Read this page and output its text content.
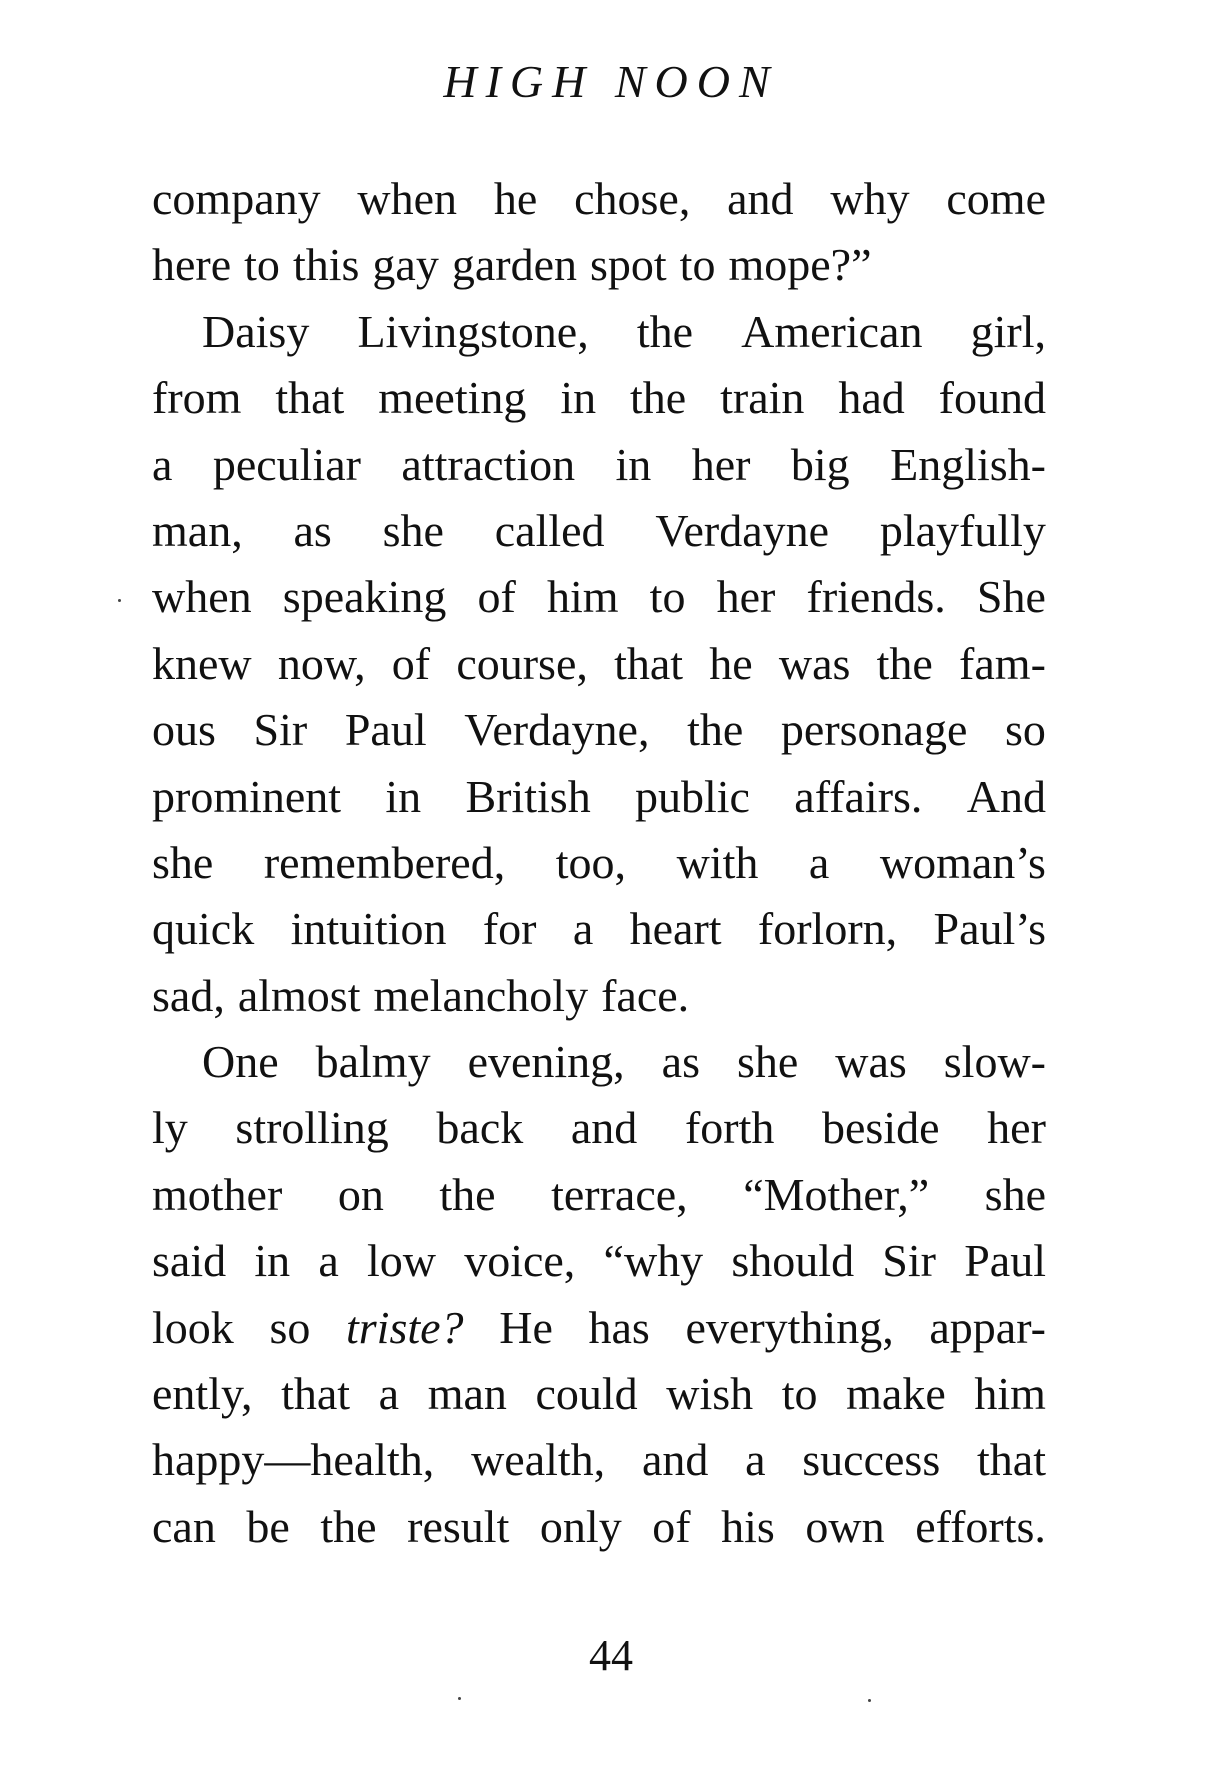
HIGH NOON
company when he chose, and why come
here to this gay garden spot to mope?”
Daisy Livingstone, the American girl,
from that meeting in the train had found
a peculiar attraction in her big English-
man, as she called Verdayne playfully
when speaking of him to her friends. She
knew now, of course, that he was the fam-
ous Sir Paul Verdayne, the personage so
prominent in British public affairs. And
she remembered, too, with a woman’s
quick intuition for a heart forlorn, Paul’s
sad, almost melancholy face.
One balmy evening, as she was slow-
ly strolling back and forth beside her
mother on the terrace, “Mother,” she
said in a low voice, “why should Sir Paul
look so triste? He has everything, appar-
ently, that a man could wish to make him
happy—health, wealth, and a success that
can be the result only of his own efforts.
44
